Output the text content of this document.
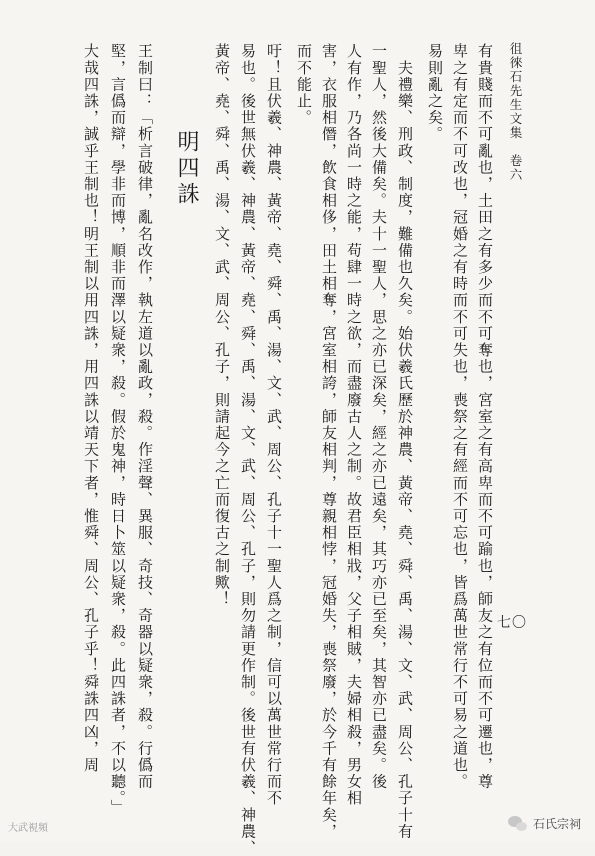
徂徠石先生文集　卷六
七〇
有貴賤而不可亂也，土田之有多少而不可奪也，宮室之有高卑而不可踰也，師友之有位而不可遷也，尊
卑之有定而不可改也，冠婚之有時而不可失也，喪祭之有經而不可忘也，皆爲萬世常行不可易之道也。
易則亂之矣。
　夫禮樂、刑政、制度，難備也久矣。始伏羲氏歷於神農、黃帝、堯、舜、禹、湯、文、武、周公、孔子十有
一聖人，然後大備矣。夫十一聖人，思之亦已深矣，經之亦已遠矣，其巧亦已至矣，其智亦已盡矣。後
人有作，乃各尚一時之能，苟肆一時之欲，而盡廢古人之制。故君臣相戕，父子相賊，夫婦相殺，男女相
害，衣服相僭，飲食相侈，田土相奪，宮室相誇，師友相判，尊親相悖，冠婚失，喪祭廢，於今千有餘年矣，
而不能止。
吁！且伏羲、神農、黃帝、堯、舜、禹、湯、文、武、周公、孔子十一聖人爲之制，信可以萬世常行而不
易也。後世無伏羲、神農、黃帝、堯、舜、禹、湯、文、武、周公、孔子，則勿請更作制。後世有伏羲、神農、
黃帝、堯、舜、禹、湯、文、武、周公、孔子，則請起今之亡而復古之制歟！
明四誅
王制曰：「析言破律，亂名改作，執左道以亂政，殺。作淫聲、異服、奇技、奇器以疑衆，殺。行僞而
堅，言僞而辯，學非而博，順非而澤以疑衆，殺。假於鬼神，時日卜筮以疑衆，殺。此四誅者，不以聽。」
大哉四誅，誠乎王制也！明王制以用四誅，用四誅以靖天下者，惟舜、周公、孔子乎！舜誅四凶，周
大武視頻	石氏宗祠
